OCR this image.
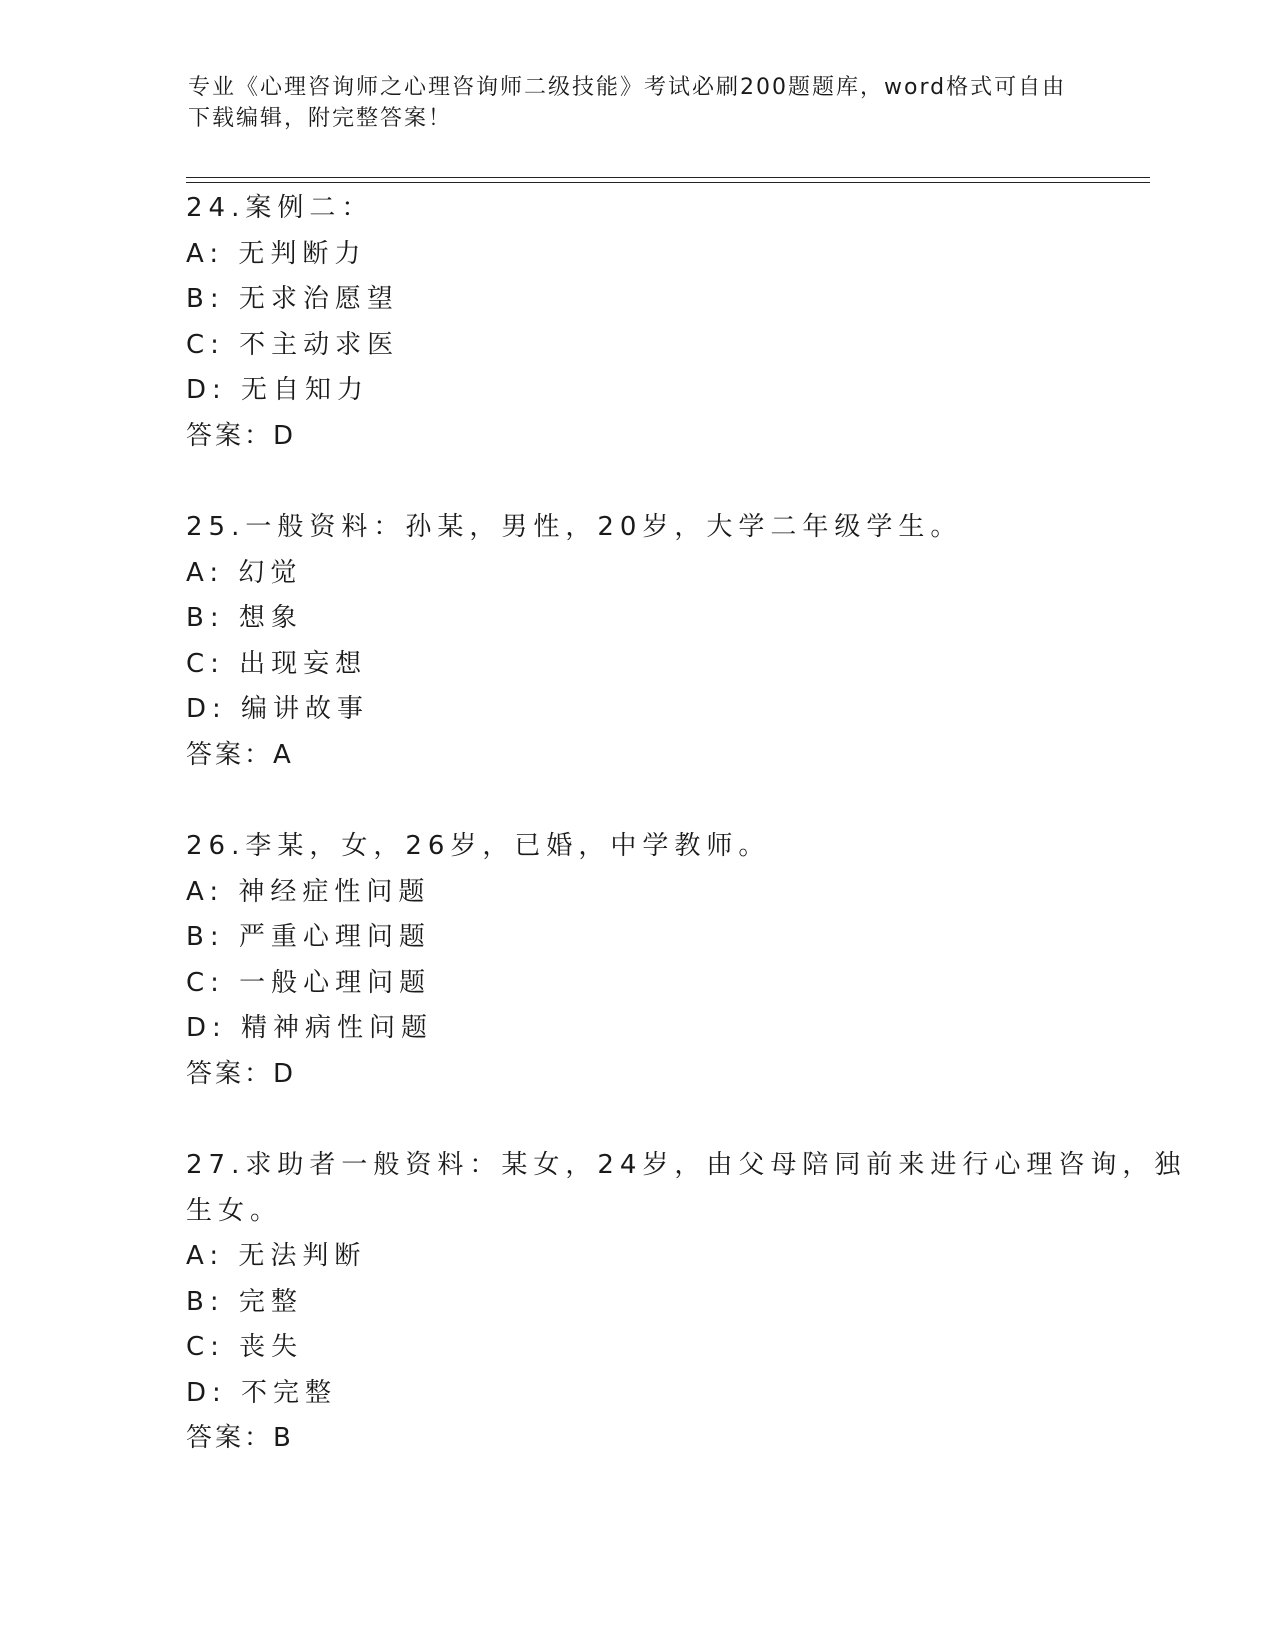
专业《心理咨询师之心理咨询师二级技能》考试必刷200题题库，word格式可自由下载编辑，附完整答案！
24.案例二：
A: 无判断力
B: 无求治愿望
C: 不主动求医
D: 无自知力
答案：D
25.一般资料：孙某，男性，20岁，大学二年级学生。
A: 幻觉
B: 想象
C: 出现妄想
D: 编讲故事
答案：A
26.李某，女，26岁，已婚，中学教师。
A: 神经症性问题
B: 严重心理问题
C: 一般心理问题
D: 精神病性问题
答案：D
27.求助者一般资料：某女，24岁，由父母陪同前来进行心理咨询，独
生女。
A: 无法判断
B: 完整
C: 丧失
D: 不完整
答案：B
